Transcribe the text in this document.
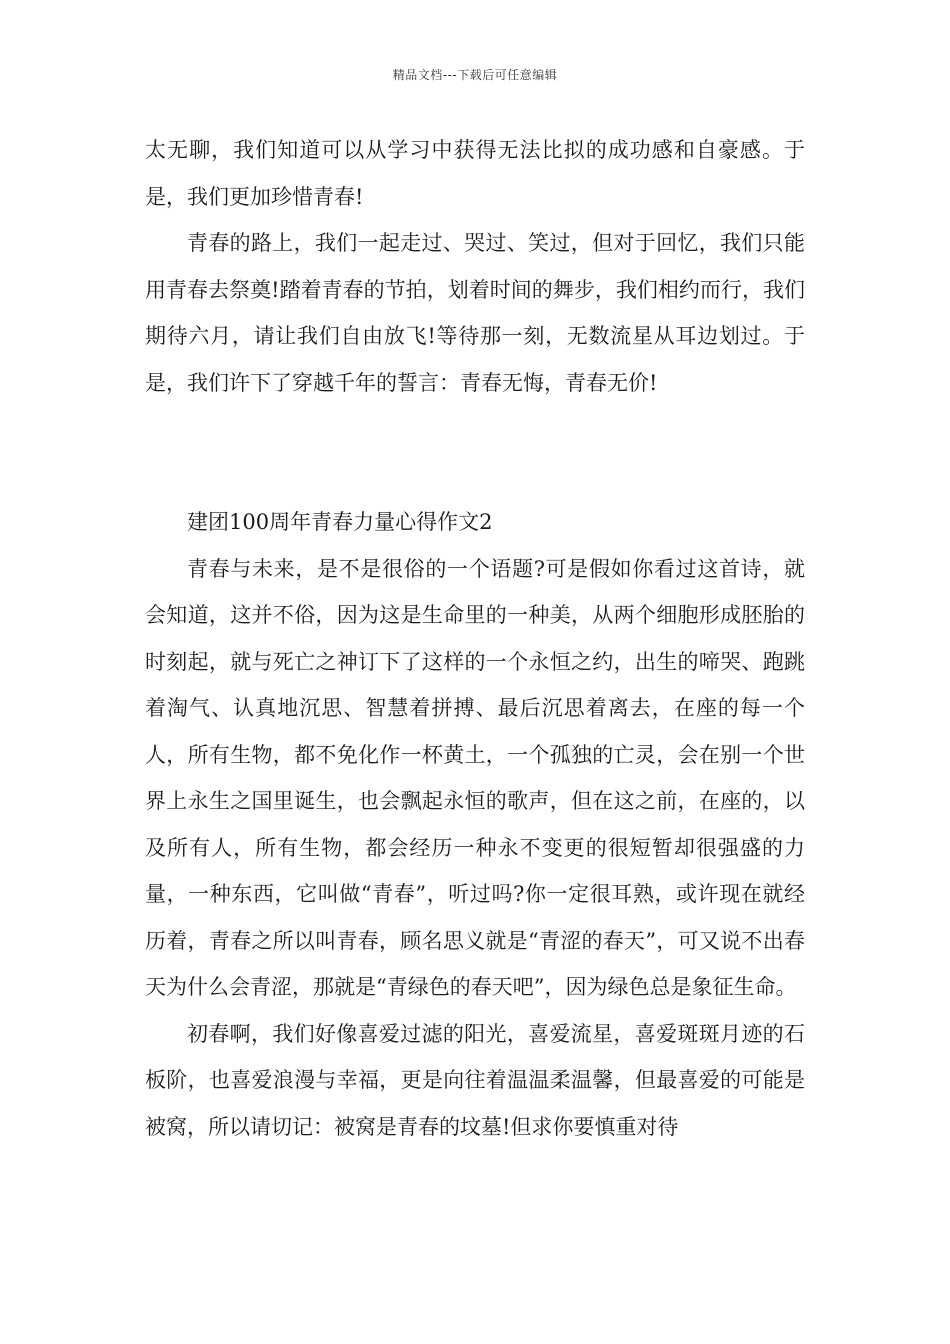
精品文档---下载后可任意编辑

太无聊，我们知道可以从学习中获得无法比拟的成功感和自豪感。于是，我们更加珍惜青春!

青春的路上，我们一起走过、哭过、笑过，但对于回忆，我们只能用青春去祭奠!踏着青春的节拍，划着时间的舞步，我们相约而行，我们期待六月，请让我们自由放飞!等待那一刻，无数流星从耳边划过。于是，我们许下了穿越千年的誓言：青春无悔，青春无价!

建团100周年青春力量心得作文2

青春与未来，是不是很俗的一个语题?可是假如你看过这首诗，就会知道，这并不俗，因为这是生命里的一种美，从两个细胞形成胚胎的时刻起，就与死亡之神订下了这样的一个永恒之约，出生的啼哭、跑跳着淘气、认真地沉思、智慧着拼搏、最后沉思着离去，在座的每一个人，所有生物，都不免化作一杯黄土，一个孤独的亡灵，会在别一个世界上永生之国里诞生，也会飘起永恒的歌声，但在这之前，在座的，以及所有人，所有生物，都会经历一种永不变更的很短暂却很强盛的力量，一种东西，它叫做“青春”，听过吗?你一定很耳熟，或许现在就经历着，青春之所以叫青春，顾名思义就是“青涩的春天”，可又说不出春天为什么会青涩，那就是“青绿色的春天吧”，因为绿色总是象征生命。

初春啊，我们好像喜爱过滤的阳光，喜爱流星，喜爱斑斑月迹的石板阶，也喜爱浪漫与幸福，更是向往着温温柔温馨，但最喜爱的可能是被窝，所以请切记：被窝是青春的坟墓!但求你要慎重对待
